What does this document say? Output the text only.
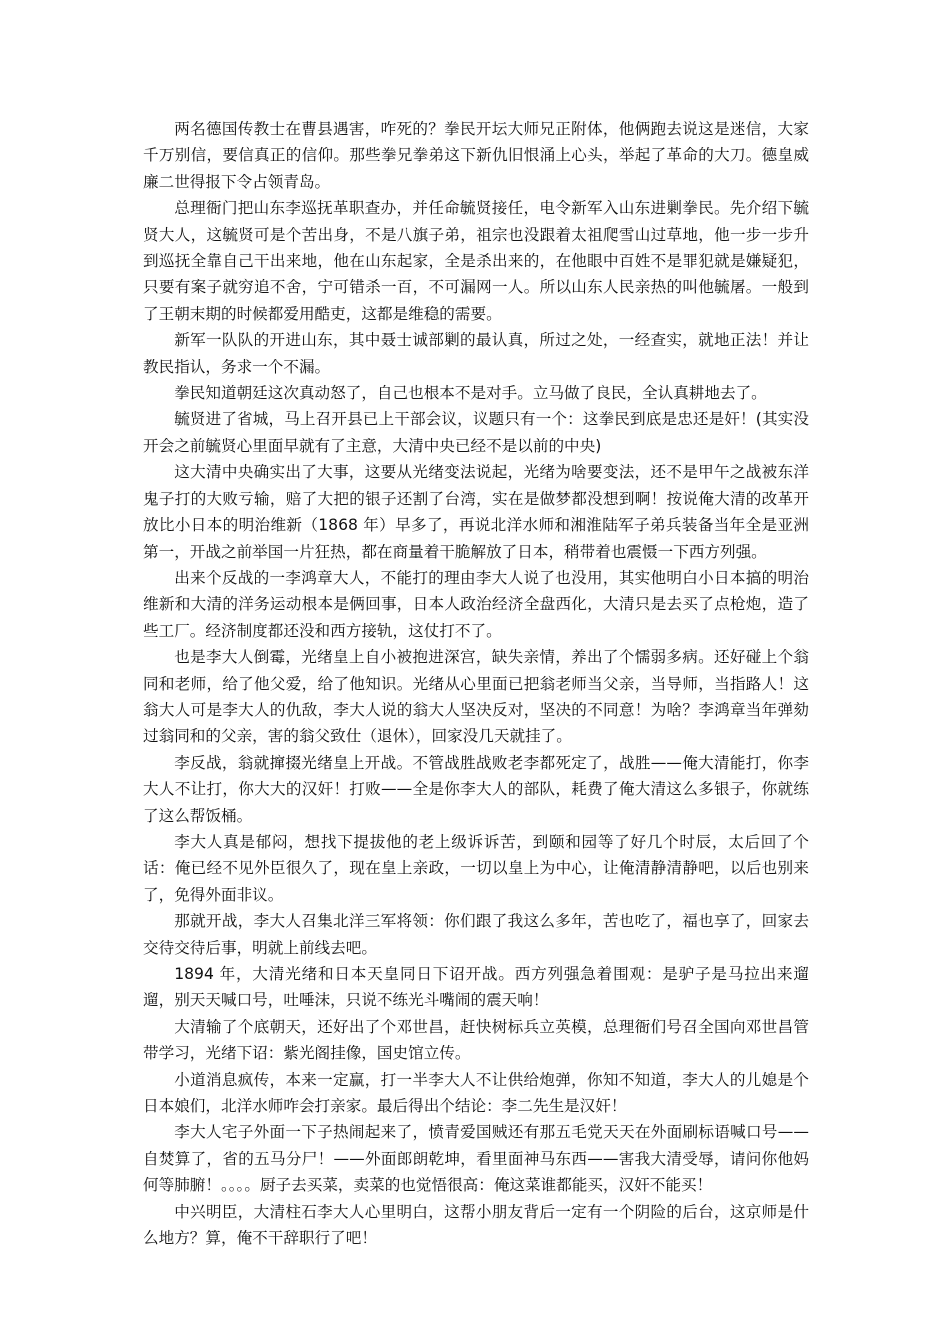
两名德国传教士在曹县遇害，咋死的？拳民开坛大师兄正附体，他俩跑去说这是迷信，大家千万别信，要信真正的信仰。那些拳兄拳弟这下新仇旧恨涌上心头，举起了革命的大刀。德皇威廉二世得报下令占领青岛。

总理衙门把山东李巡抚革职查办，并任命毓贤接任，电令新军入山东进剿拳民。先介绍下毓贤大人，这毓贤可是个苦出身，不是八旗子弟，祖宗也没跟着太祖爬雪山过草地，他一步一步升到巡抚全靠自己干出来地，他在山东起家，全是杀出来的，在他眼中百姓不是罪犯就是嫌疑犯，只要有案子就穷追不舍，宁可错杀一百，不可漏网一人。所以山东人民亲热的叫他毓屠。一般到了王朝末期的时候都爱用酷吏，这都是维稳的需要。

新军一队队的开进山东，其中聂士诚部剿的最认真，所过之处，一经查实，就地正法！并让教民指认，务求一个不漏。

拳民知道朝廷这次真动怒了，自己也根本不是对手。立马做了良民，全认真耕地去了。

毓贤进了省城，马上召开县已上干部会议，议题只有一个：这拳民到底是忠还是奸！(其实没开会之前毓贤心里面早就有了主意，大清中央已经不是以前的中央)

这大清中央确实出了大事，这要从光绪变法说起，光绪为啥要变法，还不是甲午之战被东洋鬼子打的大败亏输，赔了大把的银子还割了台湾，实在是做梦都没想到啊！按说俺大清的改革开放比小日本的明治维新（1868 年）早多了，再说北洋水师和湘淮陆军子弟兵装备当年全是亚洲第一，开战之前举国一片狂热，都在商量着干脆解放了日本，稍带着也震慑一下西方列强。

出来个反战的一李鸿章大人，不能打的理由李大人说了也没用，其实他明白小日本搞的明治维新和大清的洋务运动根本是俩回事，日本人政治经济全盘西化，大清只是去买了点枪炮，造了些工厂。经济制度都还没和西方接轨，这仗打不了。

也是李大人倒霉，光绪皇上自小被抱进深宫，缺失亲情，养出了个懦弱多病。还好碰上个翁同和老师，给了他父爱，给了他知识。光绪从心里面已把翁老师当父亲，当导师，当指路人！这翁大人可是李大人的仇敌，李大人说的翁大人坚决反对，坚决的不同意！为啥？李鸿章当年弹劾过翁同和的父亲，害的翁父致仕（退休），回家没几天就挂了。

李反战，翁就撺掇光绪皇上开战。不管战胜战败老李都死定了，战胜——俺大清能打，你李大人不让打，你大大的汉奸！打败——全是你李大人的部队，耗费了俺大清这么多银子，你就练了这么帮饭桶。

李大人真是郁闷，想找下提拔他的老上级诉诉苦，到颐和园等了好几个时辰，太后回了个话：俺已经不见外臣很久了，现在皇上亲政，一切以皇上为中心，让俺清静清静吧，以后也别来了，免得外面非议。

那就开战，李大人召集北洋三军将领：你们跟了我这么多年，苦也吃了，福也享了，回家去交待交待后事，明就上前线去吧。

1894 年，大清光绪和日本天皇同日下诏开战。西方列强急着围观：是驴子是马拉出来遛遛，别天天喊口号，吐唾沫，只说不练光斗嘴闹的震天响！

大清输了个底朝天，还好出了个邓世昌，赶快树标兵立英模，总理衙们号召全国向邓世昌管带学习，光绪下诏：紫光阁挂像，国史馆立传。

小道消息疯传，本来一定赢，打一半李大人不让供给炮弹，你知不知道，李大人的儿媳是个日本娘们，北洋水师咋会打亲家。最后得出个结论：李二先生是汉奸！

李大人宅子外面一下子热闹起来了，愤青爱国贼还有那五毛党天天在外面刷标语喊口号——自焚算了，省的五马分尸！——外面郎朗乾坤，看里面神马东西——害我大清受辱，请问你他妈何等肺腑！。。。。厨子去买菜，卖菜的也觉悟很高：俺这菜谁都能买，汉奸不能买！

中兴明臣，大清柱石李大人心里明白，这帮小朋友背后一定有一个阴险的后台，这京师是什么地方？算，俺不干辞职行了吧！
